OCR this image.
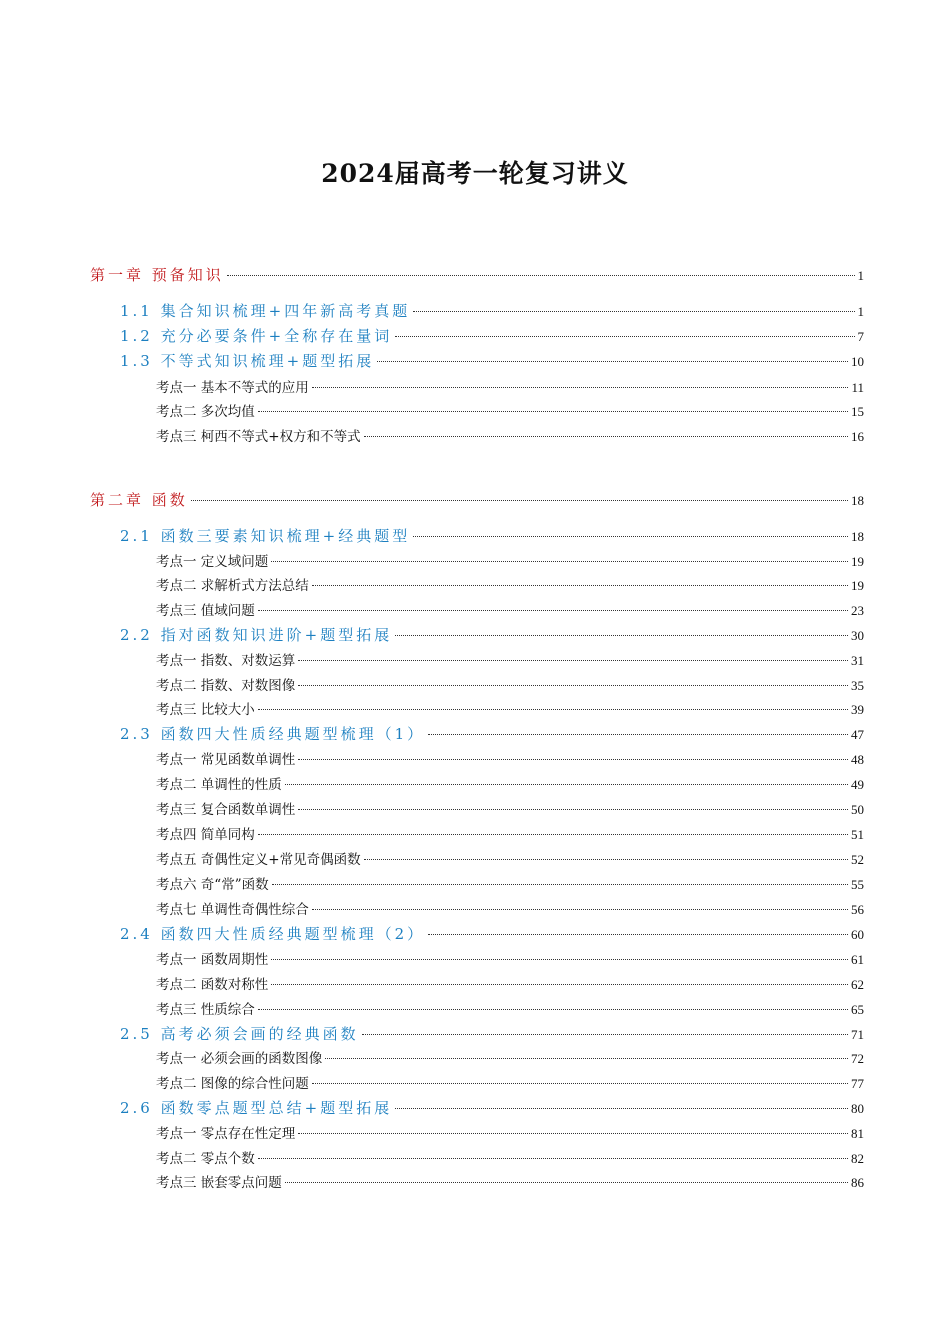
2024届高考一轮复习讲义
第一章 预备知识	1
1.1 集合知识梳理+四年新高考真题	1
1.2 充分必要条件+全称存在量词	7
1.3 不等式知识梳理+题型拓展	10
考点一 基本不等式的应用	11
考点二 多次均值	15
考点三 柯西不等式+权方和不等式	16
第二章 函数	18
2.1 函数三要素知识梳理+经典题型	18
考点一 定义域问题	19
考点二 求解析式方法总结	19
考点三 值域问题	23
2.2 指对函数知识进阶+题型拓展	30
考点一 指数、对数运算	31
考点二 指数、对数图像	35
考点三 比较大小	39
2.3 函数四大性质经典题型梳理（1）	47
考点一 常见函数单调性	48
考点二 单调性的性质	49
考点三 复合函数单调性	50
考点四 简单同构	51
考点五 奇偶性定义+常见奇偶函数	52
考点六 奇“常”函数	55
考点七 单调性奇偶性综合	56
2.4 函数四大性质经典题型梳理（2）	60
考点一 函数周期性	61
考点二 函数对称性	62
考点三 性质综合	65
2.5 高考必须会画的经典函数	71
考点一 必须会画的函数图像	72
考点二 图像的综合性问题	77
2.6 函数零点题型总结+题型拓展	80
考点一 零点存在性定理	81
考点二 零点个数	82
考点三 嵌套零点问题	86
